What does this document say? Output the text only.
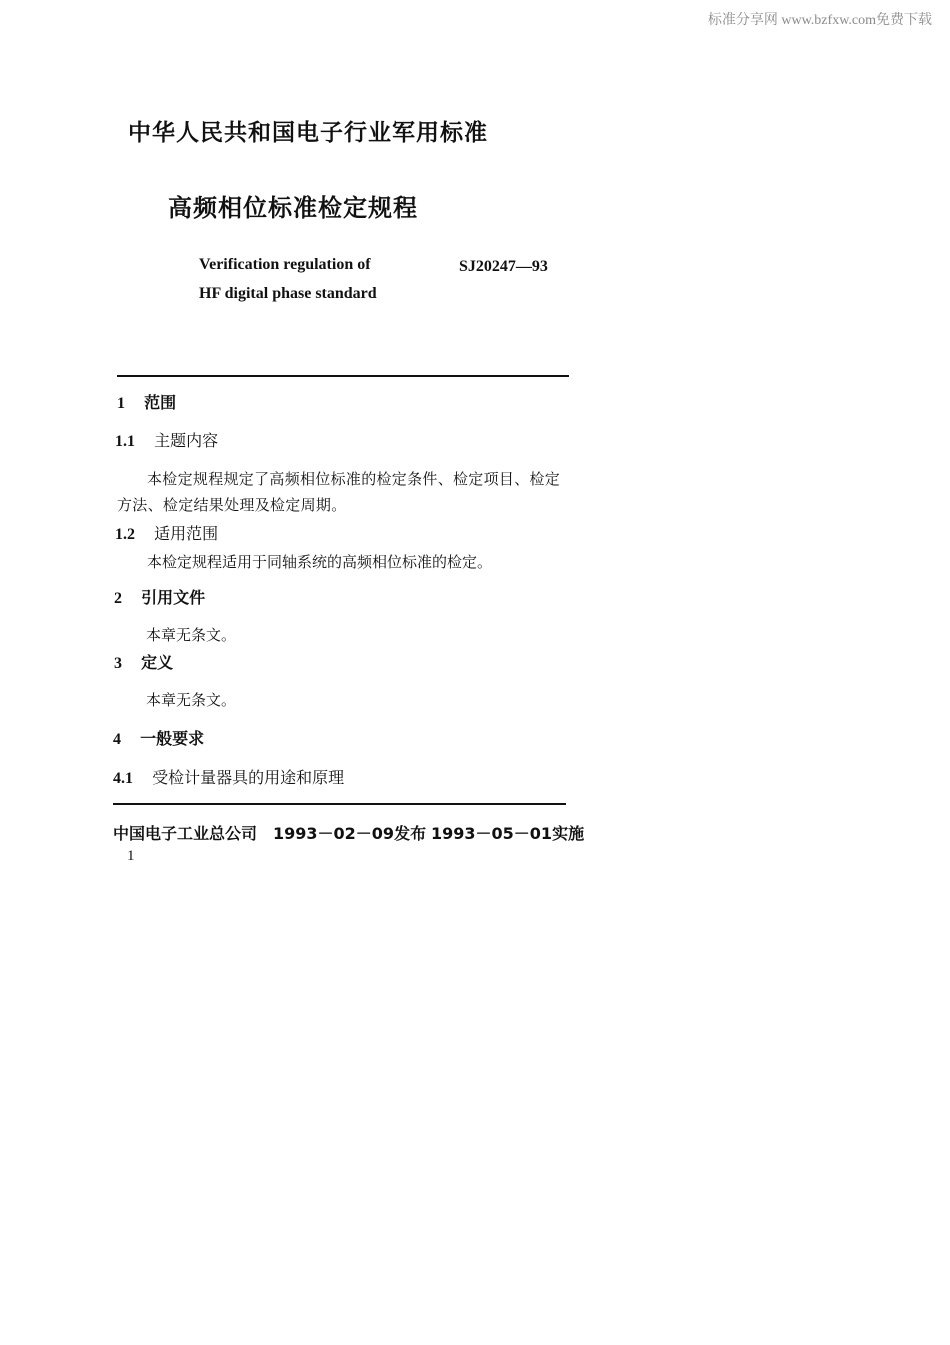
标准分享网 www.bzfxw.com免费下载
中华人民共和国电子行业军用标准
高频相位标准检定规程
Verification regulation of
HF digital phase standard
SJ20247—93
1 范围
1.1 主题内容
本检定规程规定了高频相位标准的检定条件、检定项目、检定方法、检定结果处理及检定周期。
1.2 适用范围
本检定规程适用于同轴系统的高频相位标准的检定。
2 引用文件
本章无条文。
3 定义
本章无条文。
4 一般要求
4.1 受检计量器具的用途和原理
中国电子工业总公司 1993－02－09发布 1993－05－01实施
1
